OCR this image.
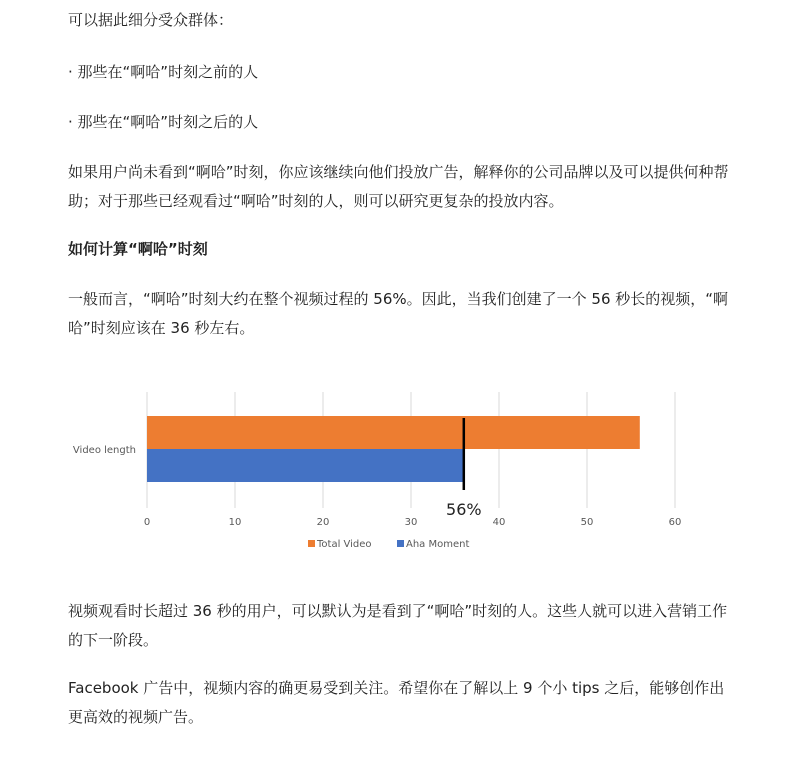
可以据此细分受众群体：

· 那些在“啊哈”时刻之前的人

· 那些在“啊哈”时刻之后的人

如果用户尚未看到“啊哈”时刻，你应该继续向他们投放广告，解释你的公司品牌以及可以提供何种帮助；对于那些已经观看过“啊哈”时刻的人，则可以研究更复杂的投放内容。

如何计算“啊哈”时刻

一般而言，“啊哈”时刻大约在整个视频过程的 56%。因此，当我们创建了一个 56 秒长的视频，“啊哈”时刻应该在 36 秒左右。

Video length
56%
0	10	20	30	40	50	60
Total Video	Aha Moment

视频观看时长超过 36 秒的用户，可以默认为是看到了“啊哈”时刻的人。这些人就可以进入营销工作的下一阶段。

Facebook 广告中，视频内容的确更易受到关注。希望你在了解以上 9 个小 tips 之后，能够创作出更高效的视频广告。
